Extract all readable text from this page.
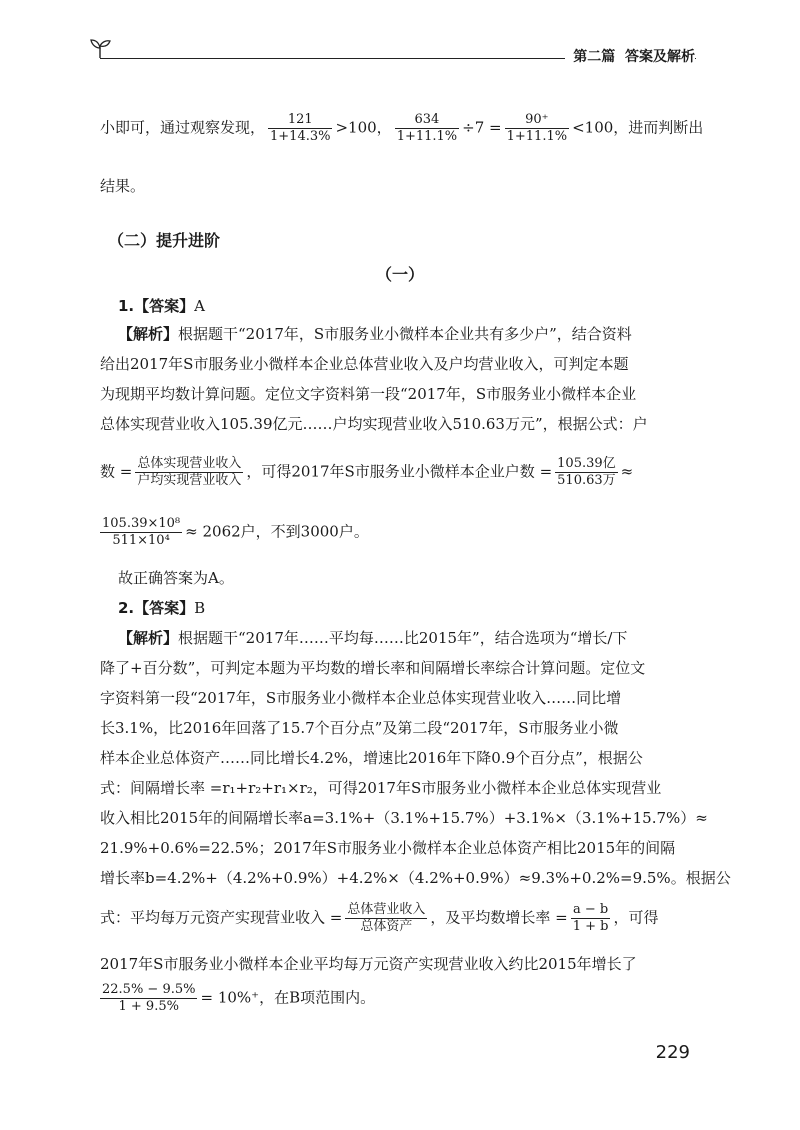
第二篇 答案及解析
小即可，通过观察发现， $\frac{121}{1+14.3\%} >100$， $\frac{634}{1+11.1\%} \div 7 = \frac{90^+}{1+11.1\%} <100$，进而判断出
结果。
（二）提升进阶
（一）
1.【答案】A
【解析】根据题干“2017年，S市服务业小微样本企业共有多少户”，结合资料
给出2017年S市服务业小微样本企业总体营业收入及户均营业收入，可判定本题
为现期平均数计算问题。定位文字资料第一段“2017年，S市服务业小微样本企业
总体实现营业收入105.39亿元……户均实现营业收入510.63万元”，根据公式：户
数 = $\frac{\text{总体实现营业收入}}{\text{户均实现营业收入}}$ ，可得2017年S市服务业小微样本企业户数 = $\frac{\text{105.39亿}}{\text{510.63万}}$ ≈
$\frac{\text{105.39×10⁸}}{\text{511×10⁴}} \approx 2062$户，不到3000户。
故正确答案为A。
2.【答案】B
【解析】根据题干“2017年……平均每……比2015年”，结合选项为“增长/下
降了+百分数”，可判定本题为平均数的增长率和间隔增长率综合计算问题。定位文
字资料第一段“2017年，S市服务业小微样本企业总体实现营业收入……同比增
长3.1%，比2016年回落了15.7个百分点”及第二段“2017年，S市服务业小微
样本企业总体资产……同比增长4.2%，增速比2016年下降0.9个百分点”，根据公
式：间隔增长率 =r₁+r₂+r₁×r₂，可得2017年S市服务业小微样本企业总体实现营业
收入相比2015年的间隔增长率a=3.1%+（3.1%+15.7%）+3.1%×（3.1%+15.7%）≈
21.9%+0.6%=22.5%；2017年S市服务业小微样本企业总体资产相比2015年的间隔
增长率b=4.2%+（4.2%+0.9%）+4.2%×（4.2%+0.9%）≈9.3%+0.2%=9.5%。根据公
式：平均每万元资产实现营业收入 = $\frac{\text{总体营业收入}}{\text{总体资产}}$ ，及平均数增长率 = $\frac{a - b}{1 + b}$ ，可得
2017年S市服务业小微样本企业平均每万元资产实现营业收入约比2015年增长了
$\frac{22.5\% - 9.5\%}{1 + 9.5\%} = 10\%^+$，在B项范围内。
229
